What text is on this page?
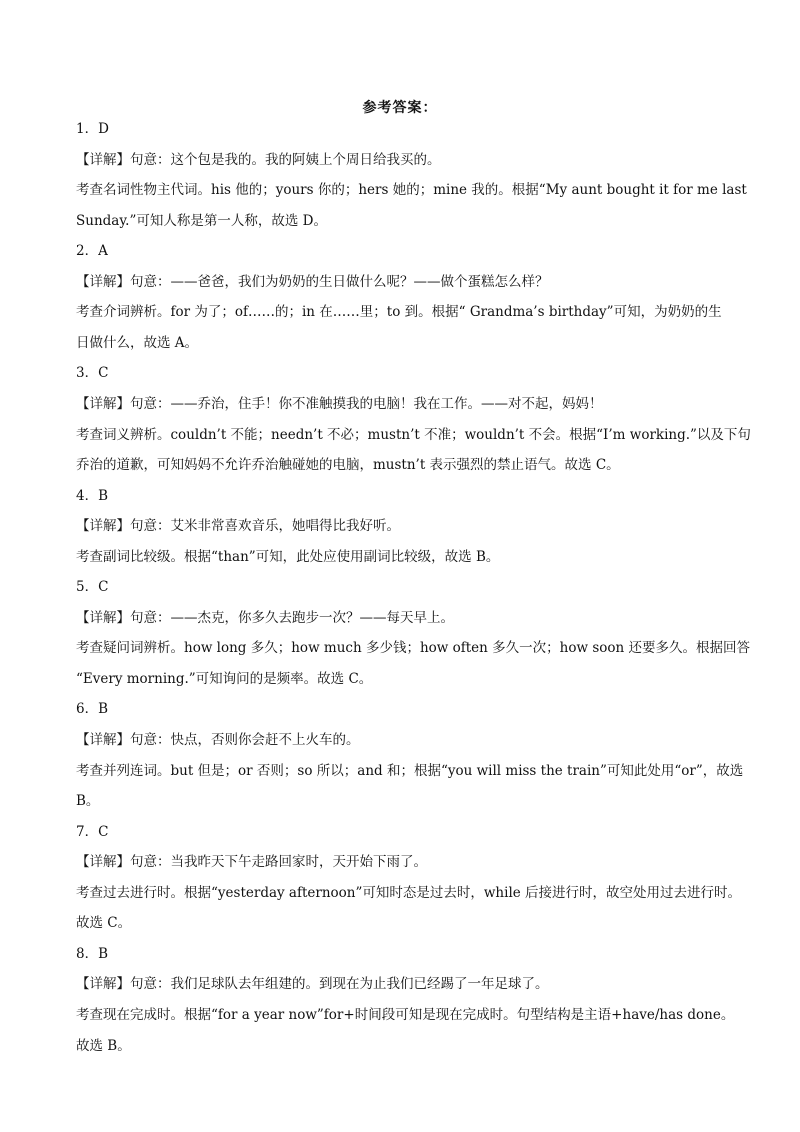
参考答案：
1．D
【详解】句意：这个包是我的。我的阿姨上个周日给我买的。
考查名词性物主代词。his 他的；yours 你的；hers 她的；mine 我的。根据“My aunt bought it for me last
Sunday.”可知人称是第一人称，故选 D。
2．A
【详解】句意：——爸爸，我们为奶奶的生日做什么呢？——做个蛋糕怎么样？
考查介词辨析。for 为了；of……的；in 在……里；to 到。根据“ Grandma’s birthday”可知，为奶奶的生
日做什么，故选 A。
3．C
【详解】句意：——乔治，住手！你不准触摸我的电脑！我在工作。——对不起，妈妈！
考查词义辨析。couldn’t 不能；needn’t 不必；mustn’t 不准；wouldn’t 不会。根据“I’m working.”以及下句
乔治的道歉，可知妈妈不允许乔治触碰她的电脑，mustn’t 表示强烈的禁止语气。故选 C。
4．B
【详解】句意：艾米非常喜欢音乐，她唱得比我好听。
考查副词比较级。根据“than”可知，此处应使用副词比较级，故选 B。
5．C
【详解】句意：——杰克，你多久去跑步一次？——每天早上。
考查疑问词辨析。how long 多久；how much 多少钱；how often 多久一次；how soon 还要多久。根据回答
“Every morning.”可知询问的是频率。故选 C。
6．B
【详解】句意：快点，否则你会赶不上火车的。
考查并列连词。but 但是；or 否则；so 所以；and 和；根据“you will miss the train”可知此处用“or”，故选
B。
7．C
【详解】句意：当我昨天下午走路回家时，天开始下雨了。
考查过去进行时。根据“yesterday afternoon”可知时态是过去时，while 后接进行时，故空处用过去进行时。
故选 C。
8．B
【详解】句意：我们足球队去年组建的。到现在为止我们已经踢了一年足球了。
考查现在完成时。根据“for a year now”for+时间段可知是现在完成时。句型结构是主语+have/has done。
故选 B。
